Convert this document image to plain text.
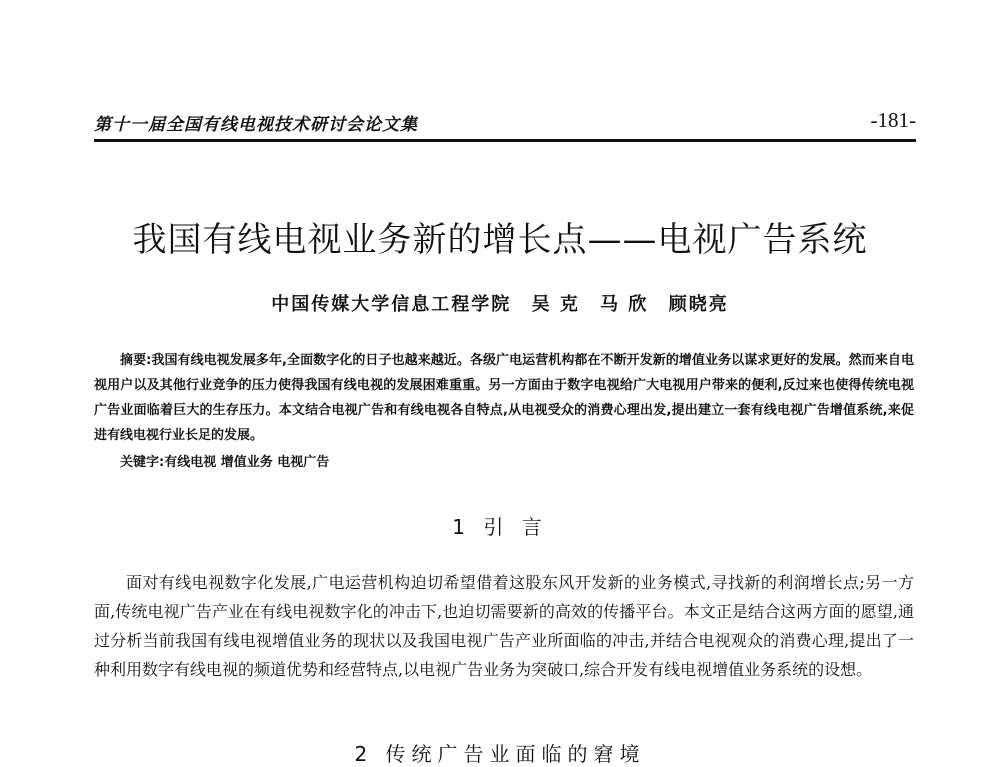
第十一届全国有线电视技术研讨会论文集	-181-
我国有线电视业务新的增长点——电视广告系统
中国传媒大学信息工程学院 吴 克 马 欣 顾晓亮

摘要:我国有线电视发展多年,全面数字化的日子也越来越近。各级广电运营机构都在不断开发新的增值业务以谋求更好的发展。然而来自电视用户以及其他行业竞争的压力使得我国有线电视的发展困难重重。另一方面由于数字电视给广大电视用户带来的便利,反过来也使得传统电视广告业面临着巨大的生存压力。本文结合电视广告和有线电视各自特点,从电视受众的消费心理出发,提出建立一套有线电视广告增值系统,来促进有线电视行业长足的发展。

关键字:有线电视 增值业务 电视广告

1 引 言

面对有线电视数字化发展,广电运营机构迫切希望借着这股东风开发新的业务模式,寻找新的利润增长点;另一方面,传统电视广告产业在有线电视数字化的冲击下,也迫切需要新的高效的传播平台。本文正是结合这两方面的愿望,通过分析当前我国有线电视增值业务的现状以及我国电视广告产业所面临的冲击,并结合电视观众的消费心理,提出了一种利用数字有线电视的频道优势和经营特点,以电视广告业务为突破口,综合开发有线电视增值业务系统的设想。

2 传统广告业面临的窘境
